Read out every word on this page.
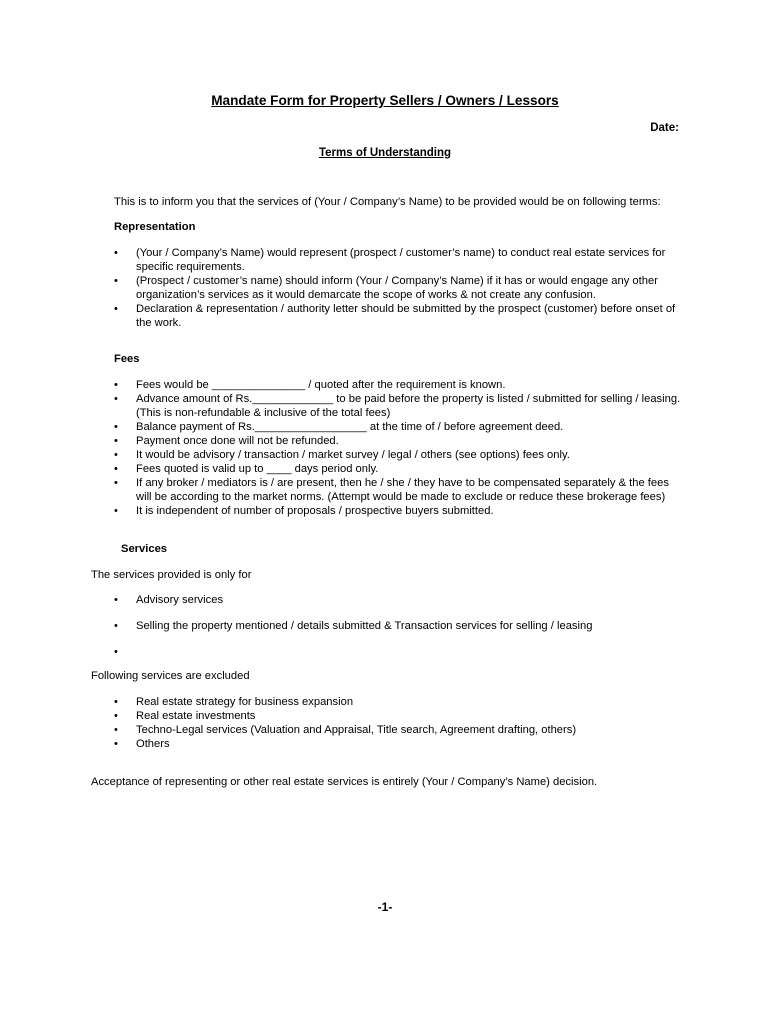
Mandate Form for Property Sellers / Owners / Lessors
Date:
Terms of Understanding
This is to inform you that the services of (Your / Company’s Name) to be provided would be on following terms:
Representation
• (Your / Company’s Name) would represent (prospect / customer’s name) to conduct real estate services for specific requirements.
• (Prospect / customer’s name) should inform (Your / Company’s Name) if it has or would engage any other organization’s services as it would demarcate the scope of works & not create any confusion.
• Declaration & representation / authority letter should be submitted by the prospect (customer) before onset of the work.
Fees
• Fees would be _______________ / quoted after the requirement is known.
• Advance amount of Rs._____________ to be paid before the property is listed / submitted for selling / leasing. (This is non-refundable & inclusive of the total fees)
• Balance payment of Rs.__________________ at the time of / before agreement deed.
• Payment once done will not be refunded.
• It would be advisory / transaction / market survey / legal / others (see options) fees only.
• Fees quoted is valid up to ____ days period only.
• If any broker / mediators is / are present, then he / she / they have to be compensated separately & the fees will be according to the market norms. (Attempt would be made to exclude or reduce these brokerage fees)
• It is independent of number of proposals / prospective buyers submitted.
Services
The services provided is only for
• Advisory services
• Selling the property mentioned / details submitted & Transaction services for selling / leasing
•
Following services are excluded
• Real estate strategy for business expansion
• Real estate investments
• Techno-Legal services (Valuation and Appraisal, Title search, Agreement drafting, others)
• Others
Acceptance of representing or other real estate services is entirely (Your / Company’s Name) decision.
-1-
